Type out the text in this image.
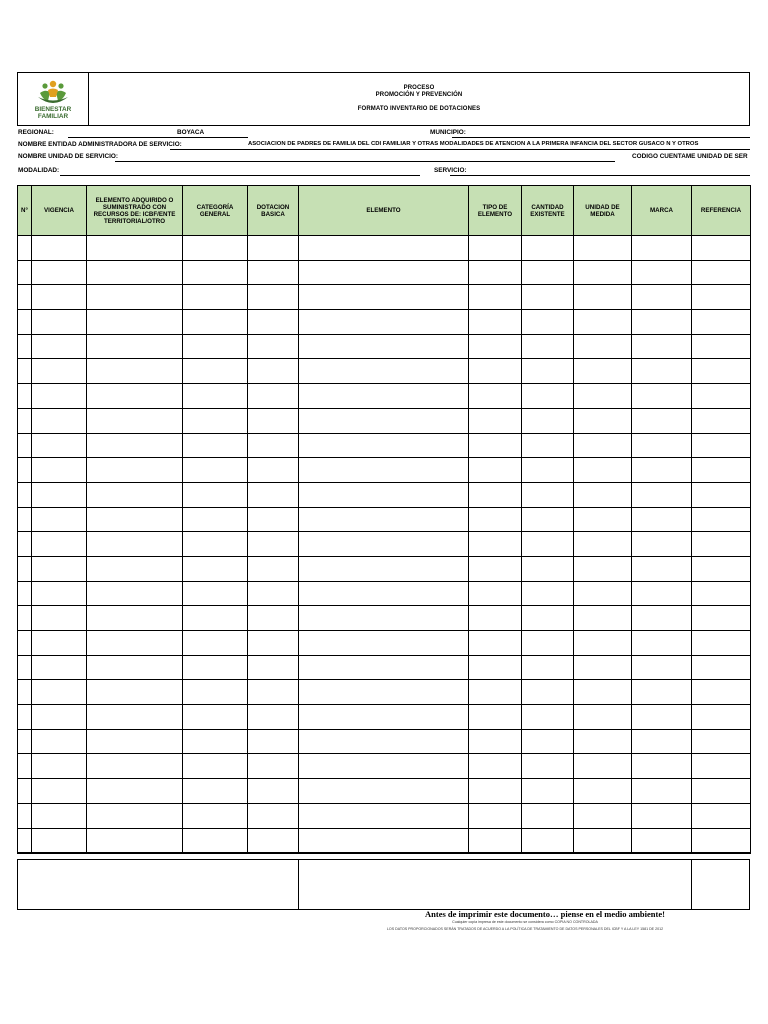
BIENESTAR
FAMILIAR
PROCESO
PROMOCIÓN Y PREVENCIÓN
FORMATO INVENTARIO DE DOTACIONES
REGIONAL:	BOYACA	MUNICIPIO:
NOMBRE ENTIDAD ADMINISTRADORA DE SERVICIO:	ASOCIACION DE PADRES DE FAMILIA DEL CDI FAMILIAR Y OTRAS MODALIDADES DE ATENCION A LA PRIMERA INFANCIA DEL SECTOR GUSACO N Y OTROS
NOMBRE UNIDAD DE SERVICIO:	CODIGO CUENTAME UNIDAD DE SER
MODALIDAD:	SERVICIO:
N°	VIGENCIA	ELEMENTO ADQUIRIDO O SUMINISTRADO CON RECURSOS DE: ICBF/ENTE TERRITORIAL/OTRO	CATEGORÍA GENERAL	DOTACION BASICA	ELEMENTO	TIPO DE ELEMENTO	CANTIDAD EXISTENTE	UNIDAD DE MEDIDA	MARCA	REFERENCIA

Antes de imprimir este documento… piense en el medio ambiente!
Cualquier copia impresa de este documento se considera como COPIA NO CONTROLADA
LOS DATOS PROPORCIONADOS SERÁN TRATADOS DE ACUERDO A LA POLÍTICA DE TRATAMIENTO DE DATOS PERSONALES DEL ICBF Y A LA LEY 1581 DE 2012
